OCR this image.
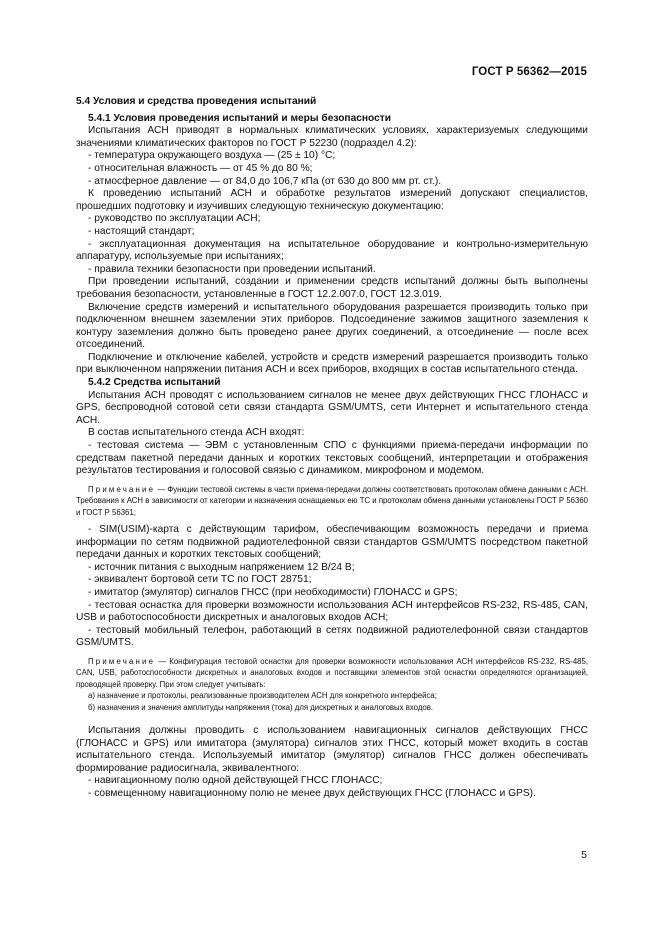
ГОСТ Р 56362—2015

5.4 Условия и средства проведения испытаний

5.4.1 Условия проведения испытаний и меры безопасности

Испытания АСН приводят в нормальных климатических условиях, характеризуемых следующими значениями климатических факторов по ГОСТ Р 52230 (подраздел 4.2):

- температура окружающего воздуха — (25 ± 10) °С;

- относительная влажность — от 45 % до 80 %;

- атмосферное давление — от 84,0 до 106,7 кПа (от 630 до 800 мм рт. ст.).

К проведению испытаний АСН и обработке результатов измерений допускают специалистов, прошедших подготовку и изучивших следующую техническую документацию:

- руководство по эксплуатации АСН;

- настоящий стандарт;

- эксплуатационная документация на испытательное оборудование и контрольно-измерительную аппаратуру, используемые при испытаниях;

- правила техники безопасности при проведении испытаний.

При проведении испытаний, создании и применении средств испытаний должны быть выполнены требования безопасности, установленные в ГОСТ 12.2.007.0, ГОСТ 12.3.019.

Включение средств измерений и испытательного оборудования разрешается производить только при подключенном внешнем заземлении этих приборов. Подсоединение зажимов защитного заземления к контуру заземления должно быть проведено ранее других соединений, а отсоединение — после всех отсоединений.

Подключение и отключение кабелей, устройств и средств измерений разрешается производить только при выключенном напряжении питания АСН и всех приборов, входящих в состав испытательного стенда.

5.4.2 Средства испытаний

Испытания АСН проводят с использованием сигналов не менее двух действующих ГНСС ГЛОНАСС и GPS, беспроводной сотовой сети связи стандарта GSM/UMTS, сети Интернет и испытательного стенда АСН.

В состав испытательного стенда АСН входят:

- тестовая система — ЭВМ с установленным СПО с функциями приема-передачи информации по средствам пакетной передачи данных и коротких текстовых сообщений, интерпретации и отображения результатов тестирования и голосовой связью с динамиком, микрофоном и модемом.

Примечание — Функции тестовой системы в части приема-передачи должны соответствовать протоколам обмена данными с АСН. Требования к АСН в зависимости от категории и назначения оснащаемых ею ТС и протоколам обмена данными установлены ГОСТ Р 56360 и ГОСТ Р 56361;

- SIM(USIM)-карта с действующим тарифом, обеспечивающим возможность передачи и приема информации по сетям подвижной радиотелефонной связи стандартов GSM/UMTS посредством пакетной передачи данных и коротких текстовых сообщений;

- источник питания с выходным напряжением 12 В/24 В;

- эквивалент бортовой сети ТС по ГОСТ 28751;

- имитатор (эмулятор) сигналов ГНСС (при необходимости) ГЛОНАСС и GPS;

- тестовая оснастка для проверки возможности использования АСН интерфейсов RS-232, RS-485, CAN, USB и работоспособности дискретных и аналоговых входов АСН;

- тестовый мобильный телефон, работающий в сетях подвижной радиотелефонной связи стандартов GSM/UMTS.

Примечание — Конфигурация тестовой оснастки для проверки возможности использования АСН интерфейсов RS-232, RS-485, CAN, USB, работоспособности дискретных и аналоговых входов и поставщики элементов этой оснастки определяются организацией, проводящей проверку. При этом следует учитывать:

а) назначение и протоколы, реализованные производителем АСН для конкретного интерфейса;

б) назначения и значения амплитуды напряжения (тока) для дискретных и аналоговых входов.

Испытания должны проводить с использованием навигационных сигналов действующих ГНСС (ГЛОНАСС и GPS) или имитатора (эмулятора) сигналов этих ГНСС, который может входить в состав испытательного стенда. Используемый имитатор (эмулятор) сигналов ГНСС должен обеспечивать формирование радиосигнала, эквивалентного:

- навигационному полю одной действующей ГНСС ГЛОНАСС;

- совмещенному навигационному полю не менее двух действующих ГНСС (ГЛОНАСС и GPS).

5
